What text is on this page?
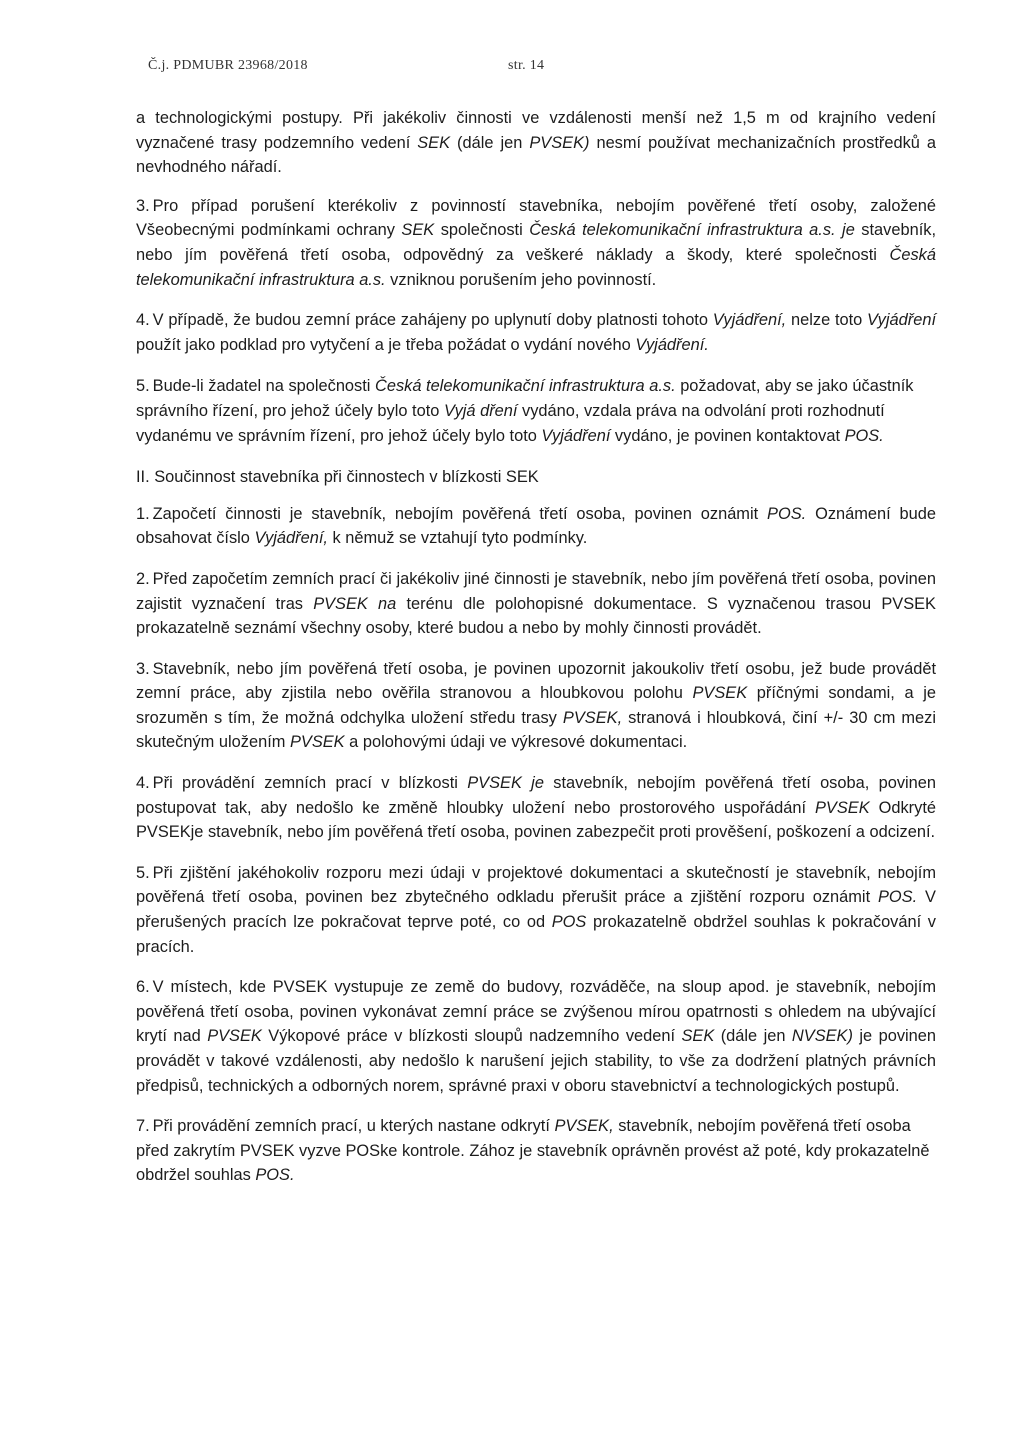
Č.j. PDMUBR 23968/2018	str. 14

a technologickými postupy. Při jakékoliv činnosti ve vzdálenosti menší než 1,5 m od krajního vedení vyznačené trasy podzemního vedení SEK (dále jen PVSEK) nesmí používat mechanizačních prostředků a nevhodného nářadí.

3. Pro případ porušení kterékoliv z povinností stavebníka, nebojím pověřené třetí osoby, založené Všeobecnými podmínkami ochrany SEK společnosti Česká telekomunikační infrastruktura a.s. je stavebník, nebo jím pověřená třetí osoba, odpovědný za veškeré náklady a škody, které společnosti Česká telekomunikační infrastruktura a.s. vzniknou porušením jeho povinností.

4. V případě, že budou zemní práce zahájeny po uplynutí doby platnosti tohoto Vyjádření, nelze toto Vyjádření použít jako podklad pro vytyčení a je třeba požádat o vydání nového Vyjádření.

5. Bude-li žadatel na společnosti Česká telekomunikační infrastruktura a.s. požadovat, aby se jako účastník správního řízení, pro jehož účely bylo toto Vyjá dření vydáno, vzdala práva na odvolání proti rozhodnutí vydanému ve správním řízení, pro jehož účely bylo toto Vyjádření vydáno, je povinen kontaktovat POS.

II. Součinnost stavebníka při činnostech v blízkosti SEK

1. Započetí činnosti je stavebník, nebojím pověřená třetí osoba, povinen oznámit POS. Oznámení bude obsahovat číslo Vyjádření, k němuž se vztahují tyto podmínky.

2. Před započetím zemních prací či jakékoliv jiné činnosti je stavebník, nebo jím pověřená třetí osoba, povinen zajistit vyznačení tras PVSEK na terénu dle polohopisné dokumentace. S vyznačenou trasou PVSEK prokazatelně seznámí všechny osoby, které budou a nebo by mohly činnosti provádět.

3. Stavebník, nebo jím pověřená třetí osoba, je povinen upozornit jakoukoliv třetí osobu, jež bude provádět zemní práce, aby zjistila nebo ověřila stranovou a hloubkovou polohu PVSEK příčnými sondami, a je srozuměn s tím, že možná odchylka uložení středu trasy PVSEK, stranová i hloubková, činí +/- 30 cm mezi skutečným uložením PVSEK a polohovými údaji ve výkresové dokumentaci.

4. Při provádění zemních prací v blízkosti PVSEK je stavebník, nebojím pověřená třetí osoba, povinen postupovat tak, aby nedošlo ke změně hloubky uložení nebo prostorového uspořádání PVSEK Odkryté PVSEKje stavebník, nebo jím pověřená třetí osoba, povinen zabezpečit proti prověšení, poškození a odcizení.

5. Při zjištění jakéhokoliv rozporu mezi údaji v projektové dokumentaci a skutečností je stavebník, nebojím pověřená třetí osoba, povinen bez zbytečného odkladu přerušit práce a zjištění rozporu oznámit POS. V přerušených pracích lze pokračovat teprve poté, co od POS prokazatelně obdržel souhlas k pokračování v pracích.

6. V místech, kde PVSEK vystupuje ze země do budovy, rozváděče, na sloup apod. je stavebník, nebojím pověřená třetí osoba, povinen vykonávat zemní práce se zvýšenou mírou opatrnosti s ohledem na ubývající krytí nad PVSEK Výkopové práce v blízkosti sloupů nadzemního vedení SEK (dále jen NVSEK) je povinen provádět v takové vzdálenosti, aby nedošlo k narušení jejich stability, to vše za dodržení platných právních předpisů, technických a odborných norem, správné praxi v oboru stavebnictví a technologických postupů.

7. Při provádění zemních prací, u kterých nastane odkrytí PVSEK, stavebník, nebojím pověřená třetí osoba před zakrytím PVSEK vyzve POSke kontrole. Zához je stavebník oprávněn provést až poté, kdy prokazatelně obdržel souhlas POS.
